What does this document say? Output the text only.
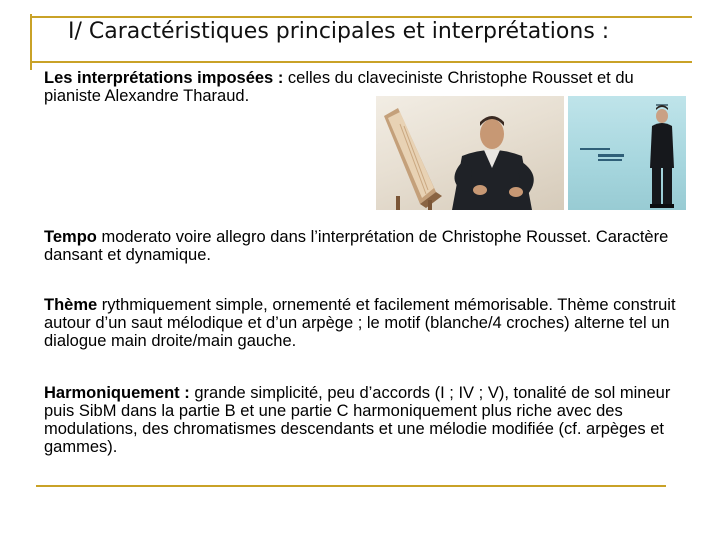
I/ Caractéristiques principales et interprétations :
Les interprétations imposées : celles du claveciniste Christophe Rousset et du pianiste Alexandre Tharaud.
Tempo moderato voire allegro dans l’interprétation de Christophe Rousset. Caractère dansant et dynamique.
Thème rythmiquement simple, ornementé et facilement mémorisable. Thème construit autour d’un saut mélodique et d’un arpège ; le motif (blanche/4 croches) alterne tel un dialogue main droite/main gauche.
Harmoniquement : grande simplicité, peu d’accords (I ; IV ; V), tonalité de sol mineur puis SibM dans la partie B et une partie C harmoniquement plus riche avec des modulations, des chromatismes descendants et une mélodie modifiée (cf. arpèges et gammes).
